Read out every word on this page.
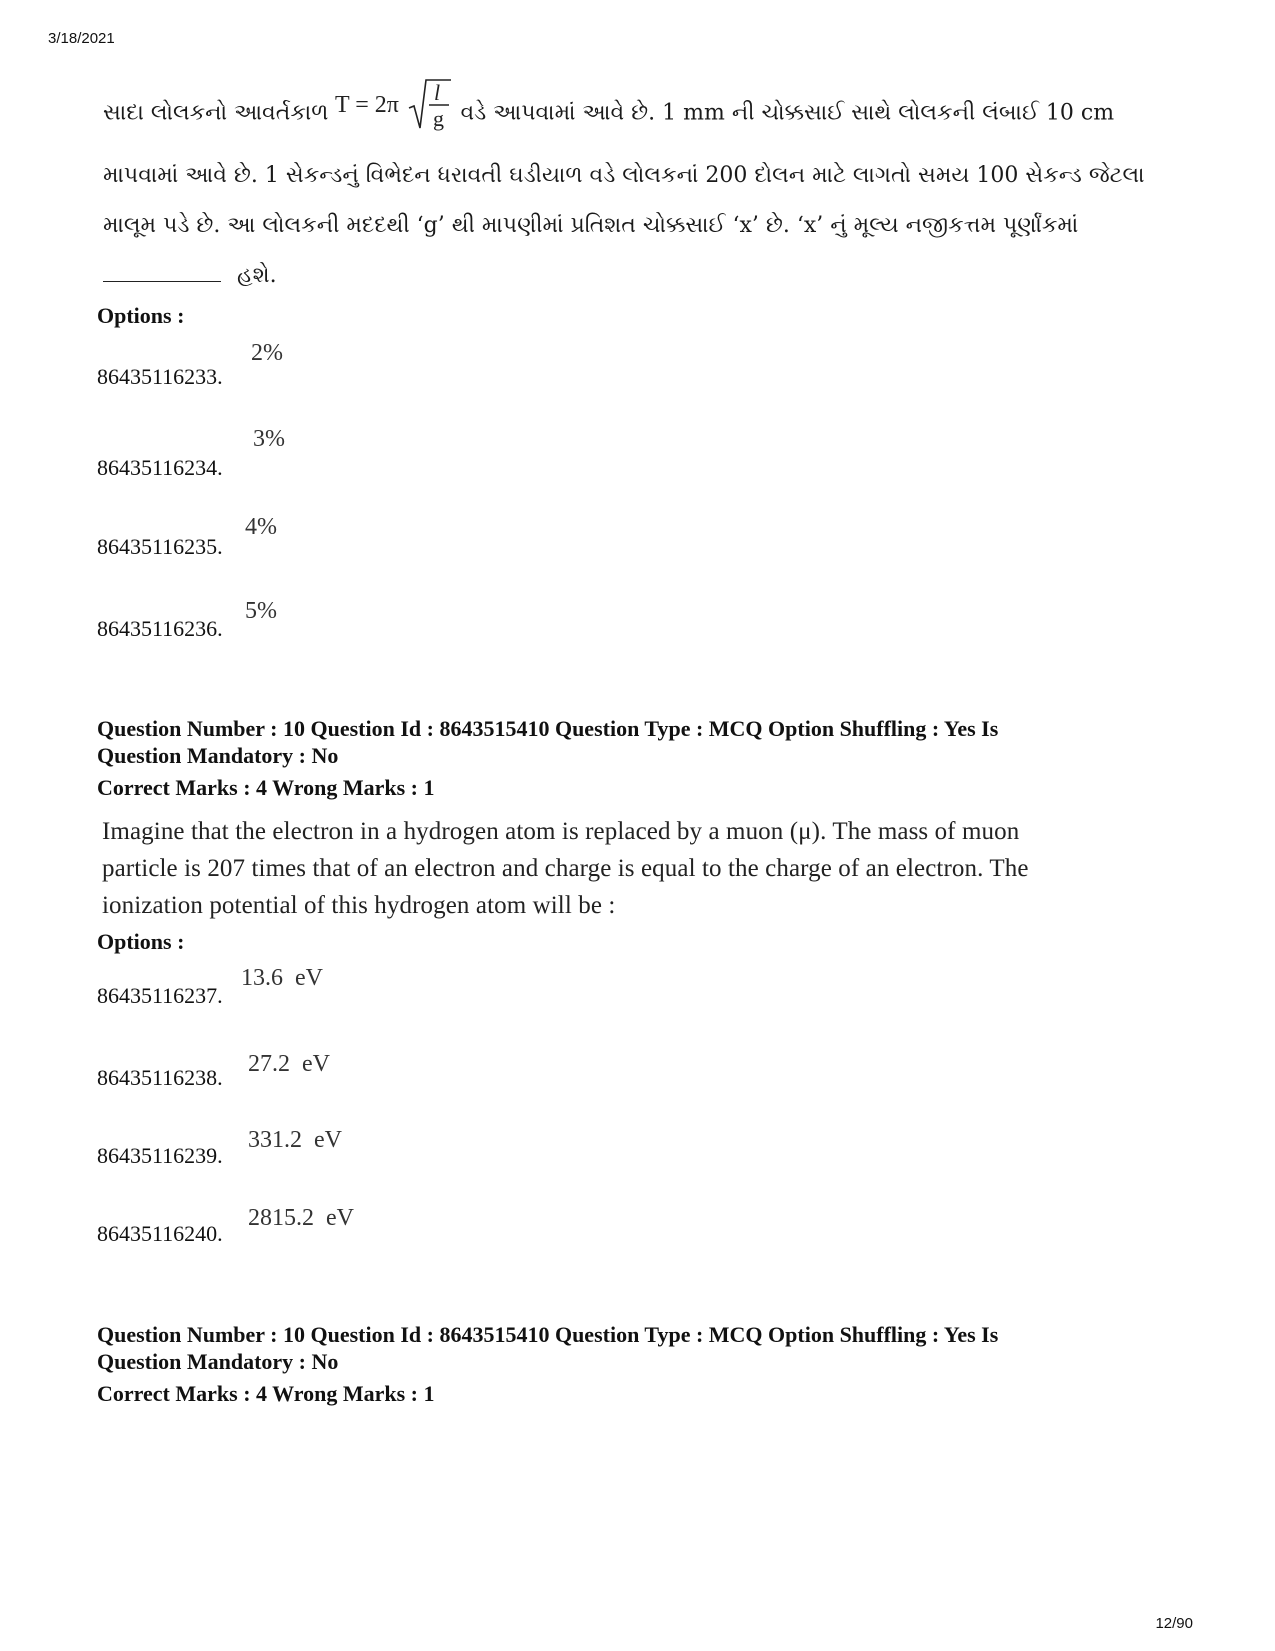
3/18/2021
સાદા લોલકનો આવર્તકાળ T = 2π l
g વડે આપવામાં આવે છે. 1 mm ની ચોક્કસાઈ સાથે લોલકની લંબાઈ 10 cm
માપવામાં આવે છે. 1 સેકન્ડનું વિભેદન ધરાવતી ઘડીયાળ વડે લોલકનાં 200 દોલન માટે લાગતો સમય 100 સેકન્ડ જેટલા
માલૂમ પડે છે. આ લોલકની મદદથી ‘g’ થી માપણીમાં પ્રતિશત ચોક્કસાઈ ‘x’ છે. ‘x’ નું મૂલ્ય નજીકત્તમ પૂર્ણાંકમાં
હશે.
Options :
86435116233.
2%
86435116234.
3%
86435116235.
4%
86435116236.
5%
Question Number : 10 Question Id : 8643515410 Question Type : MCQ Option Shuffling : Yes Is
Question Mandatory : No
Correct Marks : 4 Wrong Marks : 1
Imagine that the electron in a hydrogen atom is replaced by a muon (μ). The mass of muon
particle is 207 times that of an electron and charge is equal to the charge of an electron. The
ionization potential of this hydrogen atom will be :
Options :
86435116237.
13.6  eV
86435116238.
27.2  eV
86435116239.
331.2  eV
86435116240.
2815.2  eV
Question Number : 10 Question Id : 8643515410 Question Type : MCQ Option Shuffling : Yes Is
Question Mandatory : No
Correct Marks : 4 Wrong Marks : 1
12/90
